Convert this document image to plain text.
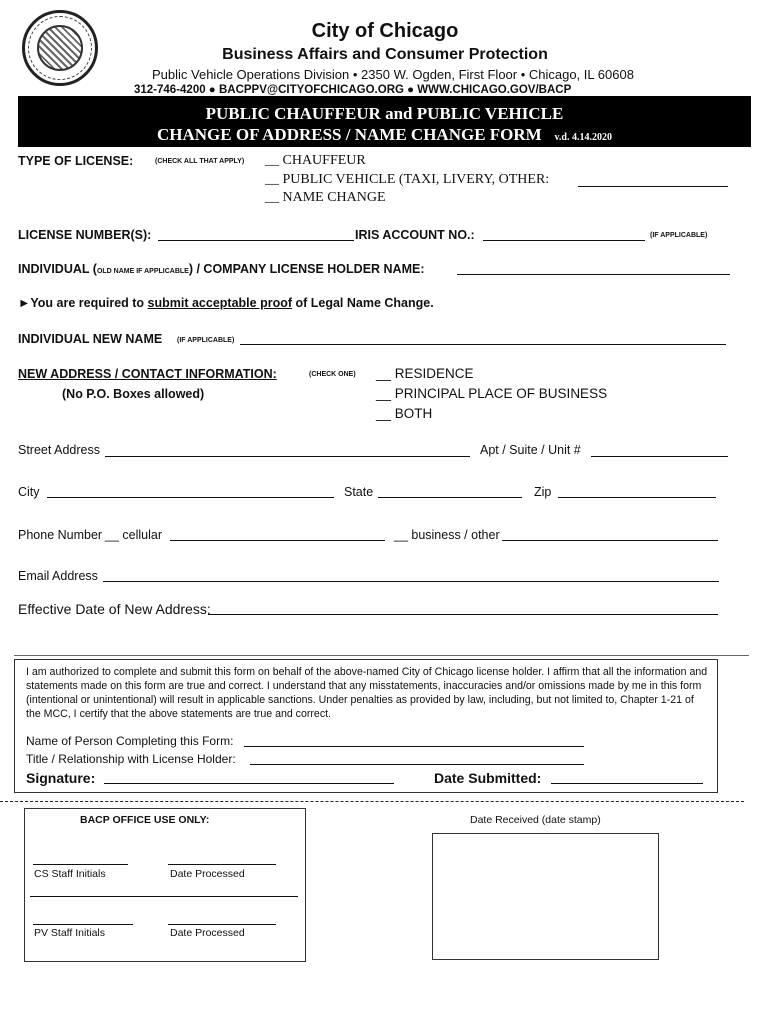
City of Chicago
Business Affairs and Consumer Protection
Public Vehicle Operations Division • 2350 W. Ogden, First Floor • Chicago, IL 60608
312-746-4200 ● BACPPV@CITYOFCHICAGO.ORG ● WWW.CHICAGO.GOV/BACP
PUBLIC CHAUFFEUR and PUBLIC VEHICLE
CHANGE OF ADDRESS / NAME CHANGE FORM v.d. 4.14.2020
TYPE OF LICENSE:	(CHECK ALL THAT APPLY) __ CHAUFFEUR
__ PUBLIC VEHICLE (TAXI, LIVERY, OTHER:
__ NAME CHANGE
LICENSE NUMBER(S):	IRIS ACCOUNT NO.:	(IF APPLICABLE)
INDIVIDUAL (OLD NAME IF APPLICABLE) / COMPANY LICENSE HOLDER NAME:
►You are required to submit acceptable proof of Legal Name Change.
INDIVIDUAL NEW NAME (IF APPLICABLE)
NEW ADDRESS / CONTACT INFORMATION:	(CHECK ONE)
(No P.O. Boxes allowed)
__ RESIDENCE
__ PRINCIPAL PLACE OF BUSINESS
__ BOTH
Street Address	Apt / Suite / Unit #
City	State	Zip
Phone Number __ cellular	__ business / other
Email Address
Effective Date of New Address:
I am authorized to complete and submit this form on behalf of the above-named City of Chicago license holder. I affirm that all the information and statements made on this form are true and correct. I understand that any misstatements, inaccuracies and/or omissions made by me in this form (intentional or unintentional) will result in applicable sanctions. Under penalties as provided by law, including, but not limited to, Chapter 1-21 of the MCC, I certify that the above statements are true and correct.
Name of Person Completing this Form:
Title / Relationship with License Holder:
Signature:	Date Submitted:
BACP OFFICE USE ONLY:	Date Received (date stamp)
CS Staff Initials	Date Processed
PV Staff Initials	Date Processed
